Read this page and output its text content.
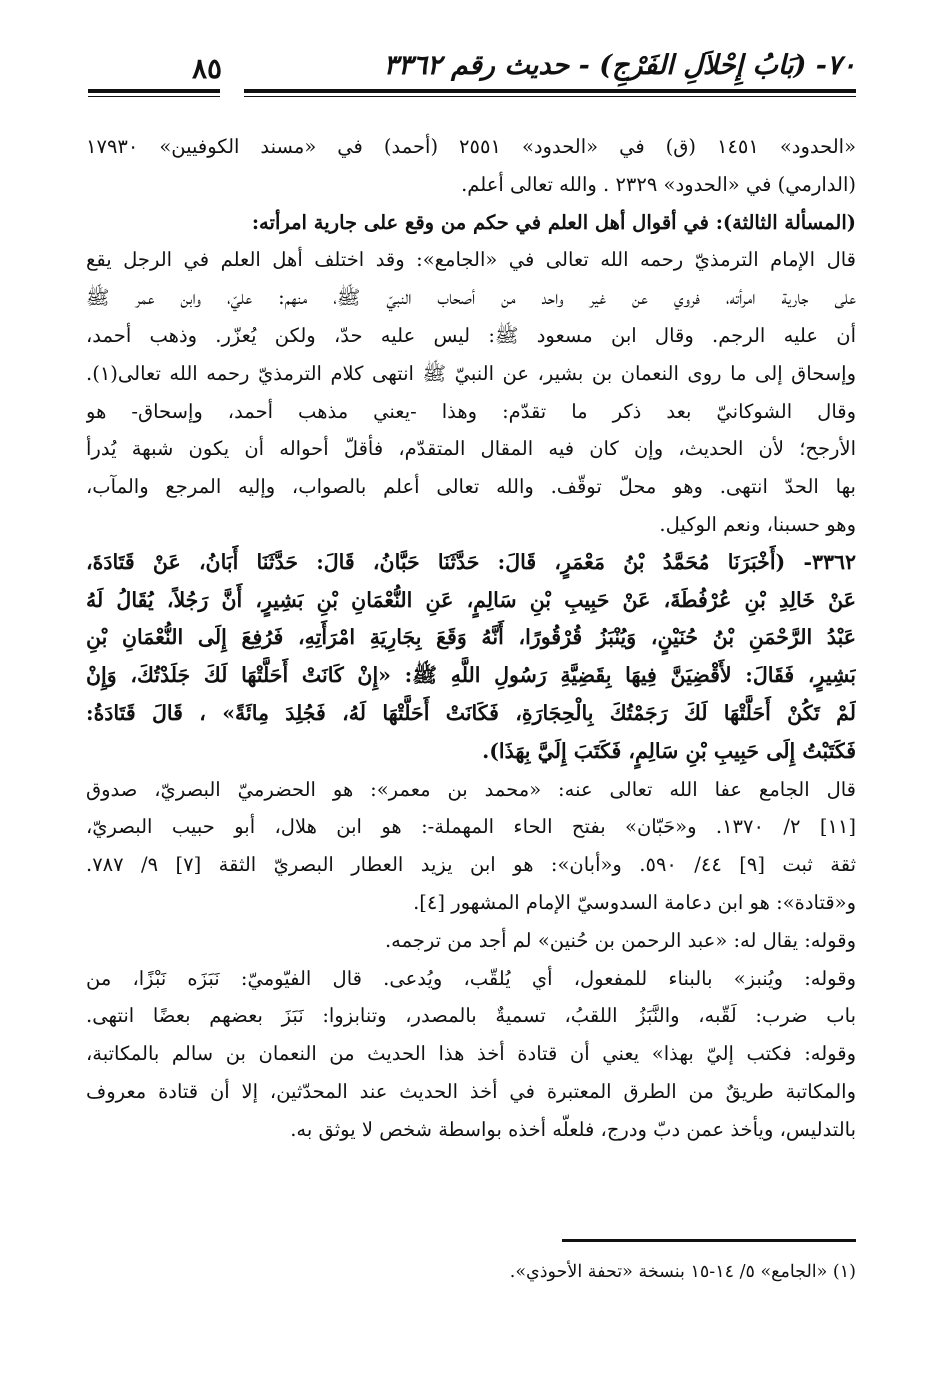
٧٠- (بَابُ إِحْلاَلِ الفَرْجِ) - حديث رقم ٣٣٦٢
٨٥
«الحدود» ١٤٥١ (ق) في «الحدود» ٢٥٥١ (أحمد) في «مسند الكوفيين» ١٧٩٣٠
(الدارمي) في «الحدود» ٢٣٢٩ . والله تعالى أعلم.
(المسألة الثالثة): في أقوال أهل العلم في حكم من وقع على جارية امرأته:
قال الإمام الترمذيّ رحمه الله تعالى في «الجامع»: وقد اختلف أهل العلم في الرجل يقع
على جارية امرأته، فروي عن غير واحد من أصحاب النبيّ ﷺ، منهم: عليّ، وابن عمر ﷺ
أن عليه الرجم. وقال ابن مسعود ﷺ: ليس عليه حدّ، ولكن يُعزّر. وذهب أحمد،
وإسحاق إلى ما روى النعمان بن بشير، عن النبيّ ﷺ انتهى كلام الترمذيّ رحمه الله تعالى(١).
وقال الشوكانيّ بعد ذكر ما تقدّم: وهذا -يعني مذهب أحمد، وإسحاق- هو
الأرجح؛ لأن الحديث، وإن كان فيه المقال المتقدّم، فأقلّ أحواله أن يكون شبهة يُدرأ
بها الحدّ انتهى. وهو محلّ توقّف. والله تعالى أعلم بالصواب، وإليه المرجع والمآب،
وهو حسبنا، ونعم الوكيل.
٣٣٦٢- (أَخْبَرَنَا مُحَمَّدُ بْنُ مَعْمَرٍ، قَالَ: حَدَّثَنَا حَبَّانُ، قَالَ: حَدَّثَنَا أَبَانُ، عَنْ قَتَادَةَ،
عَنْ خَالِدِ بْنِ عُرْفُطَةَ، عَنْ حَبِيبِ بْنِ سَالِمٍ، عَنِ النُّعْمَانِ بْنِ بَشِيرٍ، أَنَّ رَجُلاً، يُقَالُ لَهُ
عَبْدُ الرَّحْمَنِ بْنُ حُنَيْنٍ، وَيُنْبَزُ قُرْقُورًا، أَنَّهُ وَقَعَ بِجَارِيَةِ امْرَأَتِهِ، فَرُفِعَ إِلَى النُّعْمَانِ بْنِ
بَشِيرٍ، فَقَالَ: لأَقْضِيَنَّ فِيهَا بِقَضِيَّةِ رَسُولِ اللَّهِ ﷺ: «إِنْ كَانَتْ أَحَلَّتْهَا لَكَ جَلَدْتُكَ، وَإِنْ
لَمْ تَكُنْ أَحَلَّتْهَا لَكَ رَجَمْتُكَ بِالْحِجَارَةِ، فَكَانَتْ أَحَلَّتْهَا لَهُ، فَجُلِدَ مِائَةً» ، قَالَ قَتَادَةُ:
فَكَتَبْتُ إِلَى حَبِيبِ بْنِ سَالِمٍ، فَكَتَبَ إِلَيَّ بِهَذَا).
قال الجامع عفا الله تعالى عنه: «محمد بن معمر»: هو الحضرميّ البصريّ، صدوق
[١١] ٢/ ١٣٧٠. و«حَبّان» بفتح الحاء المهملة-: هو ابن هلال، أبو حبيب البصريّ،
ثقة ثبت [٩] ٤٤/ ٥٩٠. و«أبان»: هو ابن يزيد العطار البصريّ الثقة [٧] ٩/ ٧٨٧.
و«قتادة»: هو ابن دعامة السدوسيّ الإمام المشهور [٤].
وقوله: يقال له: «عبد الرحمن بن حُنين» لم أجد من ترجمه.
وقوله: ويُنبز» بالبناء للمفعول، أي يُلقّب، ويُدعى. قال الفيّوميّ: نَبَزَه نَبْزًا، من
باب ضرب: لَقّبه، والنَّبَزُ اللقبُ، تسميةٌ بالمصدر، وتنابزوا: نَبَزَ بعضهم بعضًا انتهى.
وقوله: فكتب إليّ بهذا» يعني أن قتادة أخذ هذا الحديث من النعمان بن سالم بالمكاتبة،
والمكاتبة طريقٌ من الطرق المعتبرة في أخذ الحديث عند المحدّثين، إلا أن قتادة معروف
بالتدليس، ويأخذ عمن دبّ ودرج، فلعلّه أخذه بواسطة شخص لا يوثق به.
(١) «الجامع» ٥/ ١٤-١٥ بنسخة «تحفة الأحوذي».
